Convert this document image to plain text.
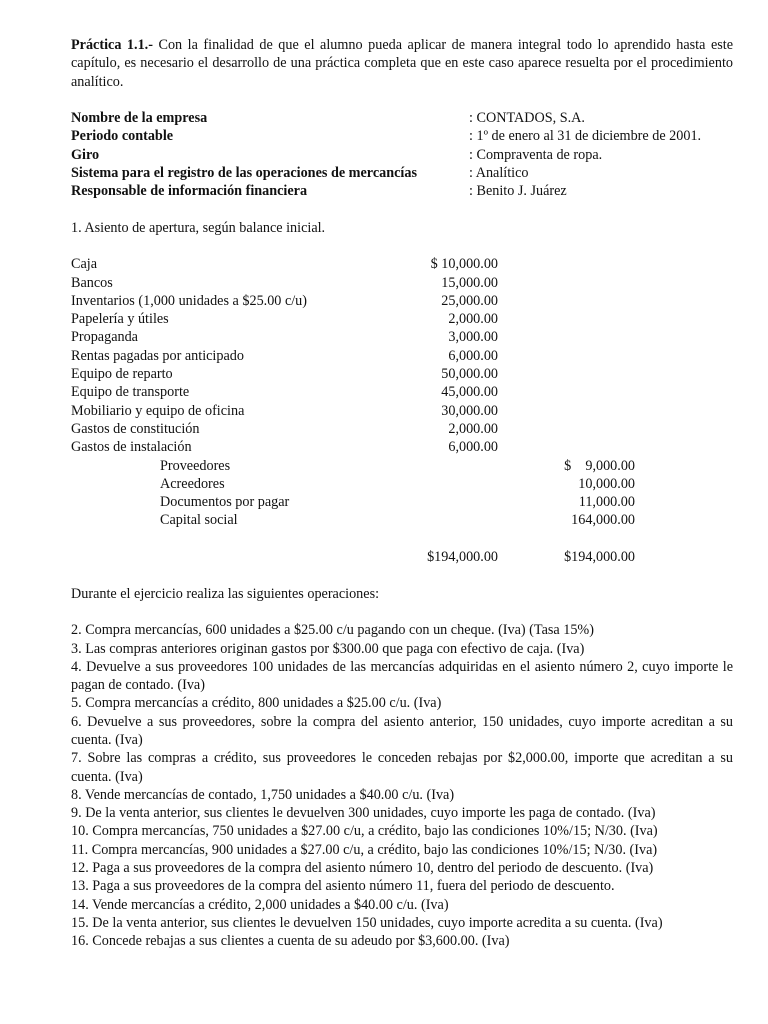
Práctica 1.1.- Con la finalidad de que el alumno pueda aplicar de manera integral todo lo aprendido hasta este capítulo, es necesario el desarrollo de una práctica completa que en este caso aparece resuelta por el procedimiento analítico.

Nombre de la empresa	: CONTADOS, S.A.
Periodo contable	: 1º de enero al 31 de diciembre de 2001.
Giro	: Compraventa de ropa.
Sistema para el registro de las operaciones de mercancías	: Analítico
Responsable de información financiera	: Benito J. Juárez

1. Asiento de apertura, según balance inicial.

Caja	$ 10,000.00
Bancos	15,000.00
Inventarios (1,000 unidades a $25.00 c/u)	25,000.00
Papelería y útiles	2,000.00
Propaganda	3,000.00
Rentas pagadas por anticipado	6,000.00
Equipo de reparto	50,000.00
Equipo de transporte	45,000.00
Mobiliario y equipo de oficina	30,000.00
Gastos de constitución	2,000.00
Gastos de instalación	6,000.00
Proveedores	$    9,000.00
Acreedores	10,000.00
Documentos por pagar	11,000.00
Capital social	164,000.00
$194,000.00	$194,000.00

Durante el ejercicio realiza las siguientes operaciones:

2. Compra mercancías, 600 unidades a $25.00 c/u pagando con un cheque. (Iva) (Tasa 15%)

3. Las compras anteriores originan gastos por $300.00 que paga con efectivo de caja. (Iva)

4. Devuelve a sus proveedores 100 unidades de las mercancías adquiridas en el asiento número 2, cuyo importe le pagan de contado. (Iva)

5. Compra mercancías a crédito, 800 unidades a $25.00 c/u. (Iva)

6. Devuelve a sus proveedores, sobre la compra del asiento anterior, 150 unidades, cuyo importe acreditan a su cuenta. (Iva)

7. Sobre las compras a crédito, sus proveedores le conceden rebajas por $2,000.00, importe que acreditan a su cuenta. (Iva)

8. Vende mercancías de contado, 1,750 unidades a $40.00 c/u. (Iva)

9. De la venta anterior, sus clientes le devuelven 300 unidades, cuyo importe les paga de contado. (Iva)

10. Compra mercancías, 750 unidades a $27.00 c/u, a crédito, bajo las condiciones 10%/15; N/30. (Iva)

11. Compra mercancías, 900 unidades a $27.00 c/u, a crédito, bajo las condiciones 10%/15; N/30. (Iva)

12. Paga a sus proveedores de la compra del asiento número 10, dentro del periodo de descuento. (Iva)

13. Paga a sus proveedores de la compra del asiento número 11, fuera del periodo de descuento.

14. Vende mercancías a crédito, 2,000 unidades a $40.00 c/u. (Iva)

15. De la venta anterior, sus clientes le devuelven 150 unidades, cuyo importe acredita a su cuenta. (Iva)

16. Concede rebajas a sus clientes a cuenta de su adeudo por $3,600.00. (Iva)
